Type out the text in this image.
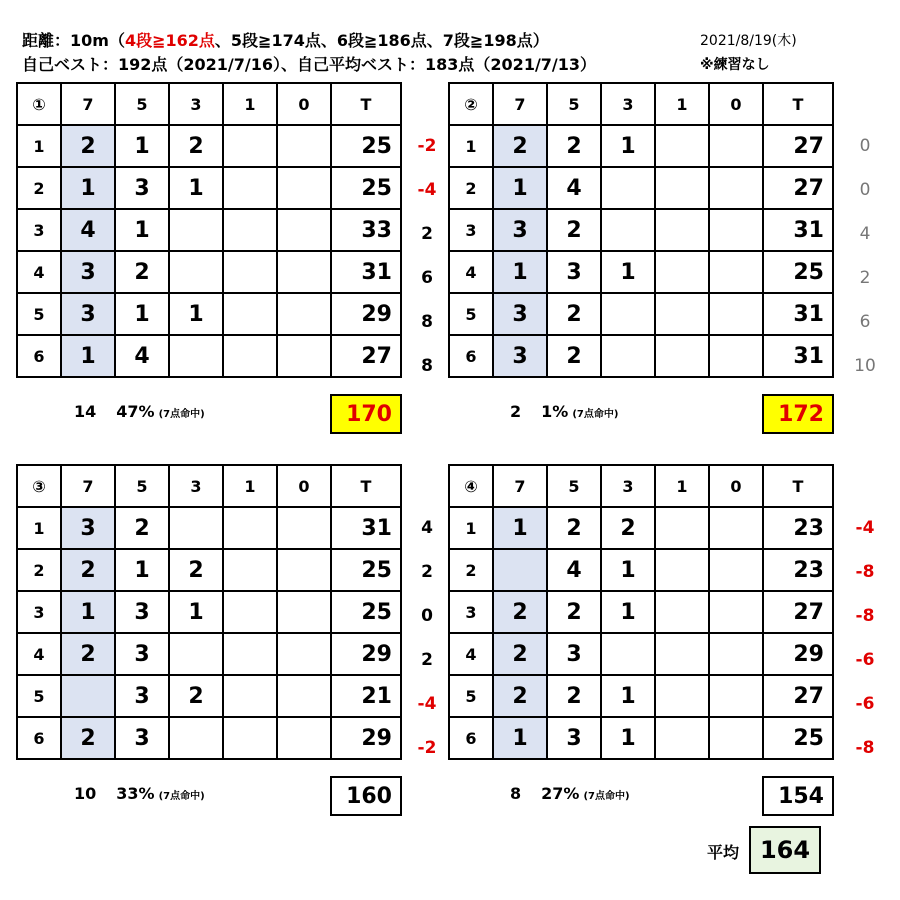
距離：10m（4段≧162点、5段≧174点、6段≧186点、7段≧198点）
自己ベスト：192点（2021/7/16）、自己平均ベスト：183点（2021/7/13）
2021/8/19(木)
※練習なし
-2
-4
2
6
8
8
①	7	5	3	1	0	T
1	2	1	2			25
2	1	3	1			25
3	4	1				33
4	3	2				31
5	3	1	1			29
6	1	4				27
14 47% (7点命中)	170
0
0
4
2
6
10
②	7	5	3	1	0	T
1	2	2	1			27
2	1	4				27
3	3	2				31
4	1	3	1			25
5	3	2				31
6	3	2				31
2 1% (7点命中)	172
4
2
0
2
-4
-2
③	7	5	3	1	0	T
1	3	2				31
2	2	1	2			25
3	1	3	1			25
4	2	3				29
5		3	2			21
6	2	3				29
10 33% (7点命中)	160
-4
-8
-8
-6
-6
-8
④	7	5	3	1	0	T
1	1	2	2			23
2		4	1			23
3	2	2	1			27
4	2	3				29
5	2	2	1			27
6	1	3	1			25
8 27% (7点命中)	154
平均 164
